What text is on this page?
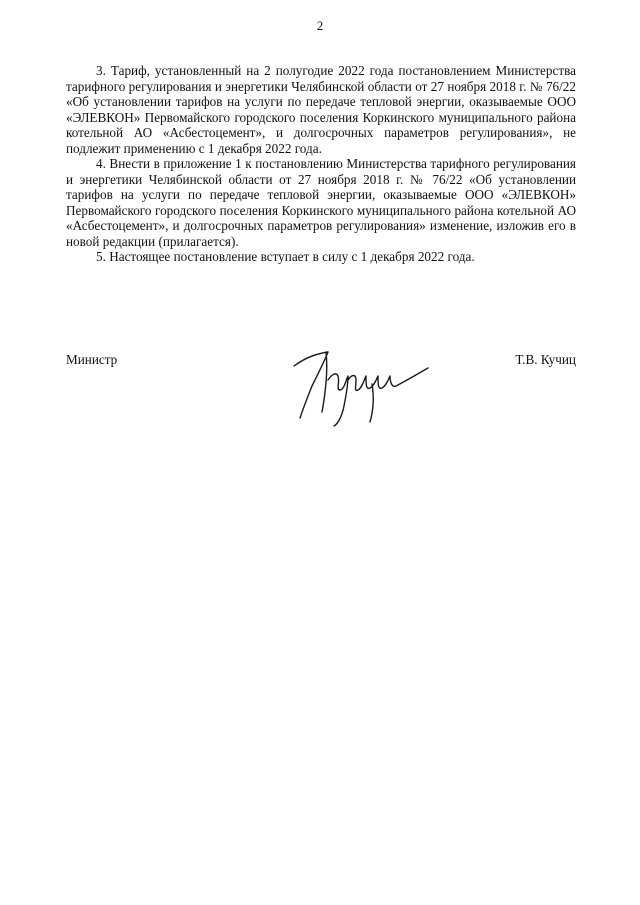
2

3. Тариф, установленный на 2 полугодие 2022 года постановлением Министерства тарифного регулирования и энергетики Челябинской области от 27 ноября 2018 г. № 76/22 «Об установлении тарифов на услуги по передаче тепловой энергии, оказываемые ООО «ЭЛЕВКОН» Первомайского городского поселения Коркинского муниципального района котельной АО «Асбестоцемент», и долгосрочных параметров регулирования», не подлежит применению с 1 декабря 2022 года.

4. Внести в приложение 1 к постановлению Министерства тарифного регулирования и энергетики Челябинской области от 27 ноября 2018 г. № 76/22 «Об установлении тарифов на услуги по передаче тепловой энергии, оказываемые ООО «ЭЛЕВКОН» Первомайского городского поселения Коркинского муниципального района котельной АО «Асбестоцемент», и долгосрочных параметров регулирования» изменение, изложив его в новой редакции (прилагается).

5. Настоящее постановление вступает в силу с 1 декабря 2022 года.

Министр	Т.В. Кучиц
